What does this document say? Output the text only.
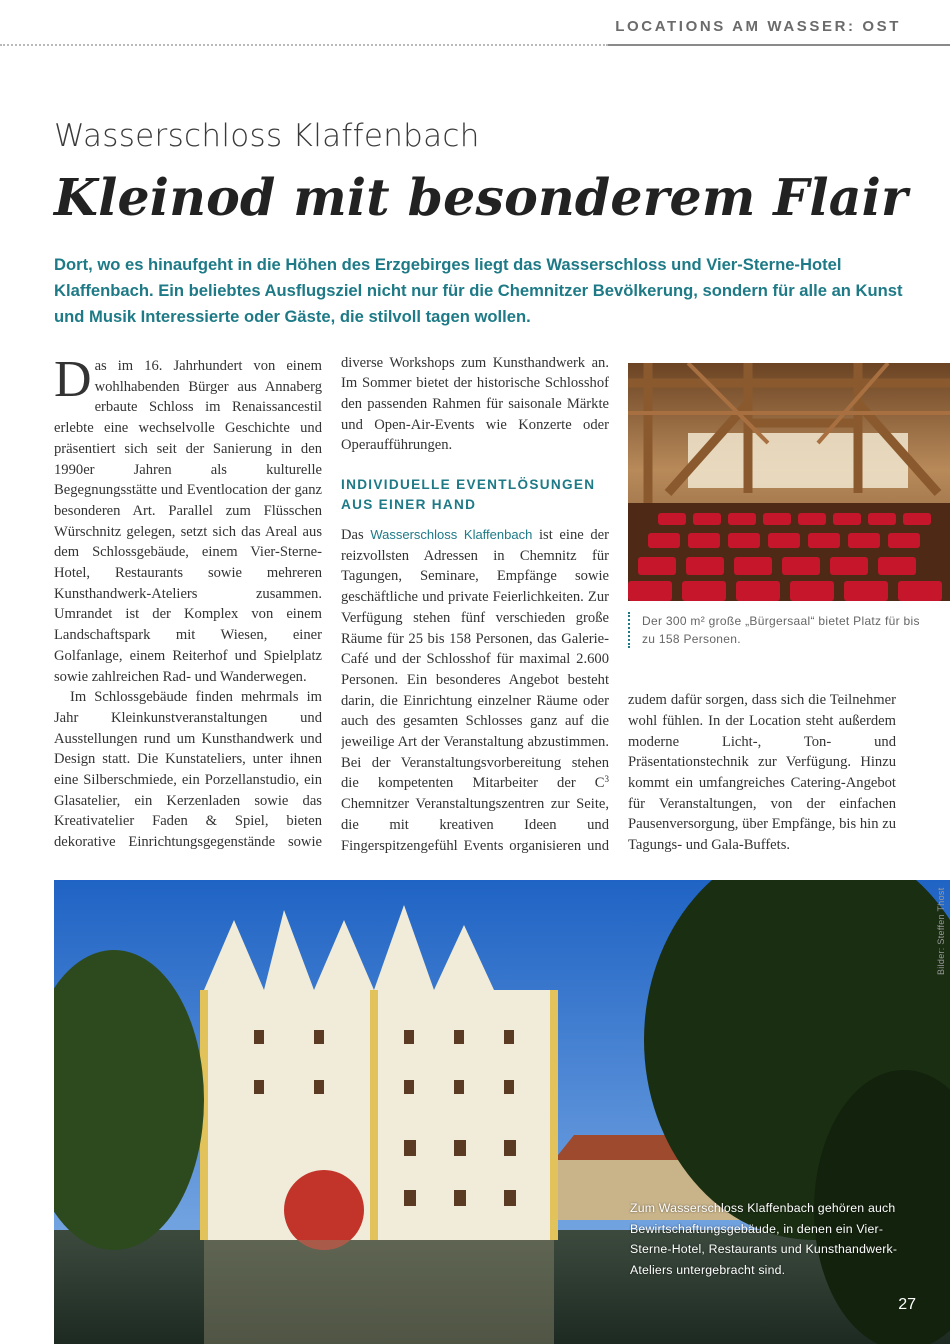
LOCATIONS AM WASSER: OST
Wasserschloss Klaffenbach
Kleinod mit besonderem Flair
Dort, wo es hinaufgeht in die Höhen des Erzgebirges liegt das Wasserschloss und Vier-Sterne-Hotel Klaffenbach. Ein beliebtes Ausflugsziel nicht nur für die Chemnitzer Bevölkerung, sondern für alle an Kunst und Musik Interessierte oder Gäste, die stilvoll tagen wollen.

D as im 16. Jahrhundert von einem wohlhabenden Bürger aus Annaberg erbaute Schloss im Renaissancestil erlebte eine wechselvolle Geschichte und präsentiert sich seit der Sanierung in den 1990er Jahren als kulturelle Begegnungsstätte und Eventlocation der ganz besonderen Art. Parallel zum Flüsschen Würschnitz gelegen, setzt sich das Areal aus dem Schlossgebäude, einem Vier-Sterne-Hotel, Restaurants sowie mehreren Kunsthandwerk-Ateliers zusammen. Umrandet ist der Komplex von einem Landschaftspark mit Wiesen, einer Golfanlage, einem Reiterhof und Spielplatz sowie zahlreichen Rad- und Wanderwegen.

Im Schlossgebäude finden mehrmals im Jahr Kleinkunstveranstaltungen und Ausstellungen rund um Kunsthandwerk und Design statt. Die Kunstateliers, unter ihnen eine Silberschmiede, ein Porzellanstudio, ein Glasatelier, ein Kerzenladen sowie das Kreativatelier Faden & Spiel, bieten dekorative Einrichtungsgegenstände sowie

diverse Workshops zum Kunsthandwerk an. Im Sommer bietet der historische Schlosshof den passenden Rahmen für saisonale Märkte und Open-Air-Events wie Konzerte oder Operaufführungen.

INDIVIDUELLE EVENTLÖSUNGEN AUS EINER HAND

Das Wasserschloss Klaffenbach ist eine der reizvollsten Adressen in Chemnitz für Tagungen, Seminare, Empfänge sowie geschäftliche und private Feierlichkeiten. Zur Verfügung stehen fünf verschieden große Räume für 25 bis 158 Personen, das Galerie-Café und der Schlosshof für maximal 2.600 Personen. Ein besonderes Angebot besteht darin, die Einrichtung einzelner Räume oder auch des gesamten Schlosses ganz auf die jeweilige Art der Veranstaltung abzustimmen. Bei der Veranstaltungsvorbereitung stehen die kompetenten Mitarbeiter der $C^3$ Chemnitzer Veranstaltungszentren zur Seite, die mit kreativen Ideen und Fingerspitzengefühl Events organisieren und

Der 300 m² große „Bürgersaal“ bietet Platz für bis zu 158 Personen.
Zum Wasserschloss Klaffenbach gehören auch Bewirtschaftungsgebäude, in denen ein Vier-Sterne-Hotel, Restaurants und Kunsthandwerk-Ateliers untergebracht sind.
Bilder: Steffen Thost
27

zudem dafür sorgen, dass sich die Teilnehmer wohl fühlen. In der Location steht außerdem moderne Licht-, Ton- und Präsentationstechnik zur Verfügung. Hinzu kommt ein umfangreiches Catering-Angebot für Veranstaltungen, von der einfachen Pausenversorgung, über Empfänge, bis hin zu Tagungs- und Gala-Buffets.
